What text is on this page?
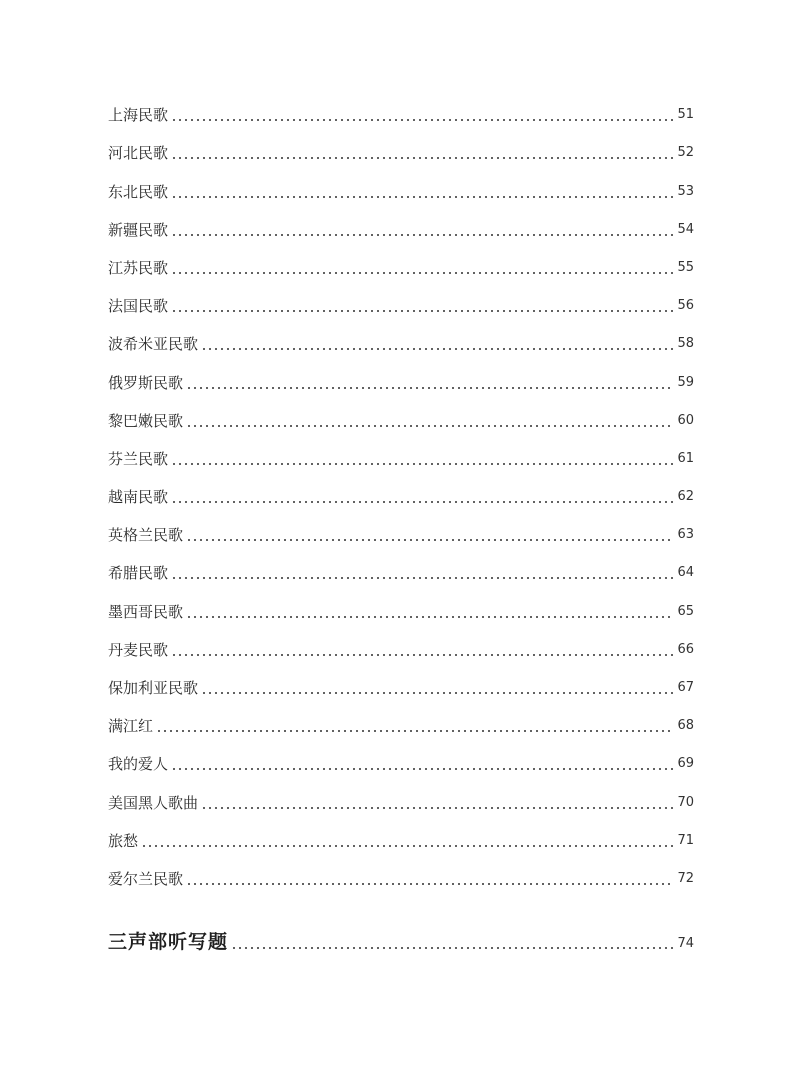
上海民歌	51
河北民歌	52
东北民歌	53
新疆民歌	54
江苏民歌	55
法国民歌	56
波希米亚民歌	58
俄罗斯民歌	59
黎巴嫩民歌	60
芬兰民歌	61
越南民歌	62
英格兰民歌	63
希腊民歌	64
墨西哥民歌	65
丹麦民歌	66
保加利亚民歌	67
满江红	68
我的爱人	69
美国黑人歌曲	70
旅愁	71
爱尔兰民歌	72
三声部听写题	74
